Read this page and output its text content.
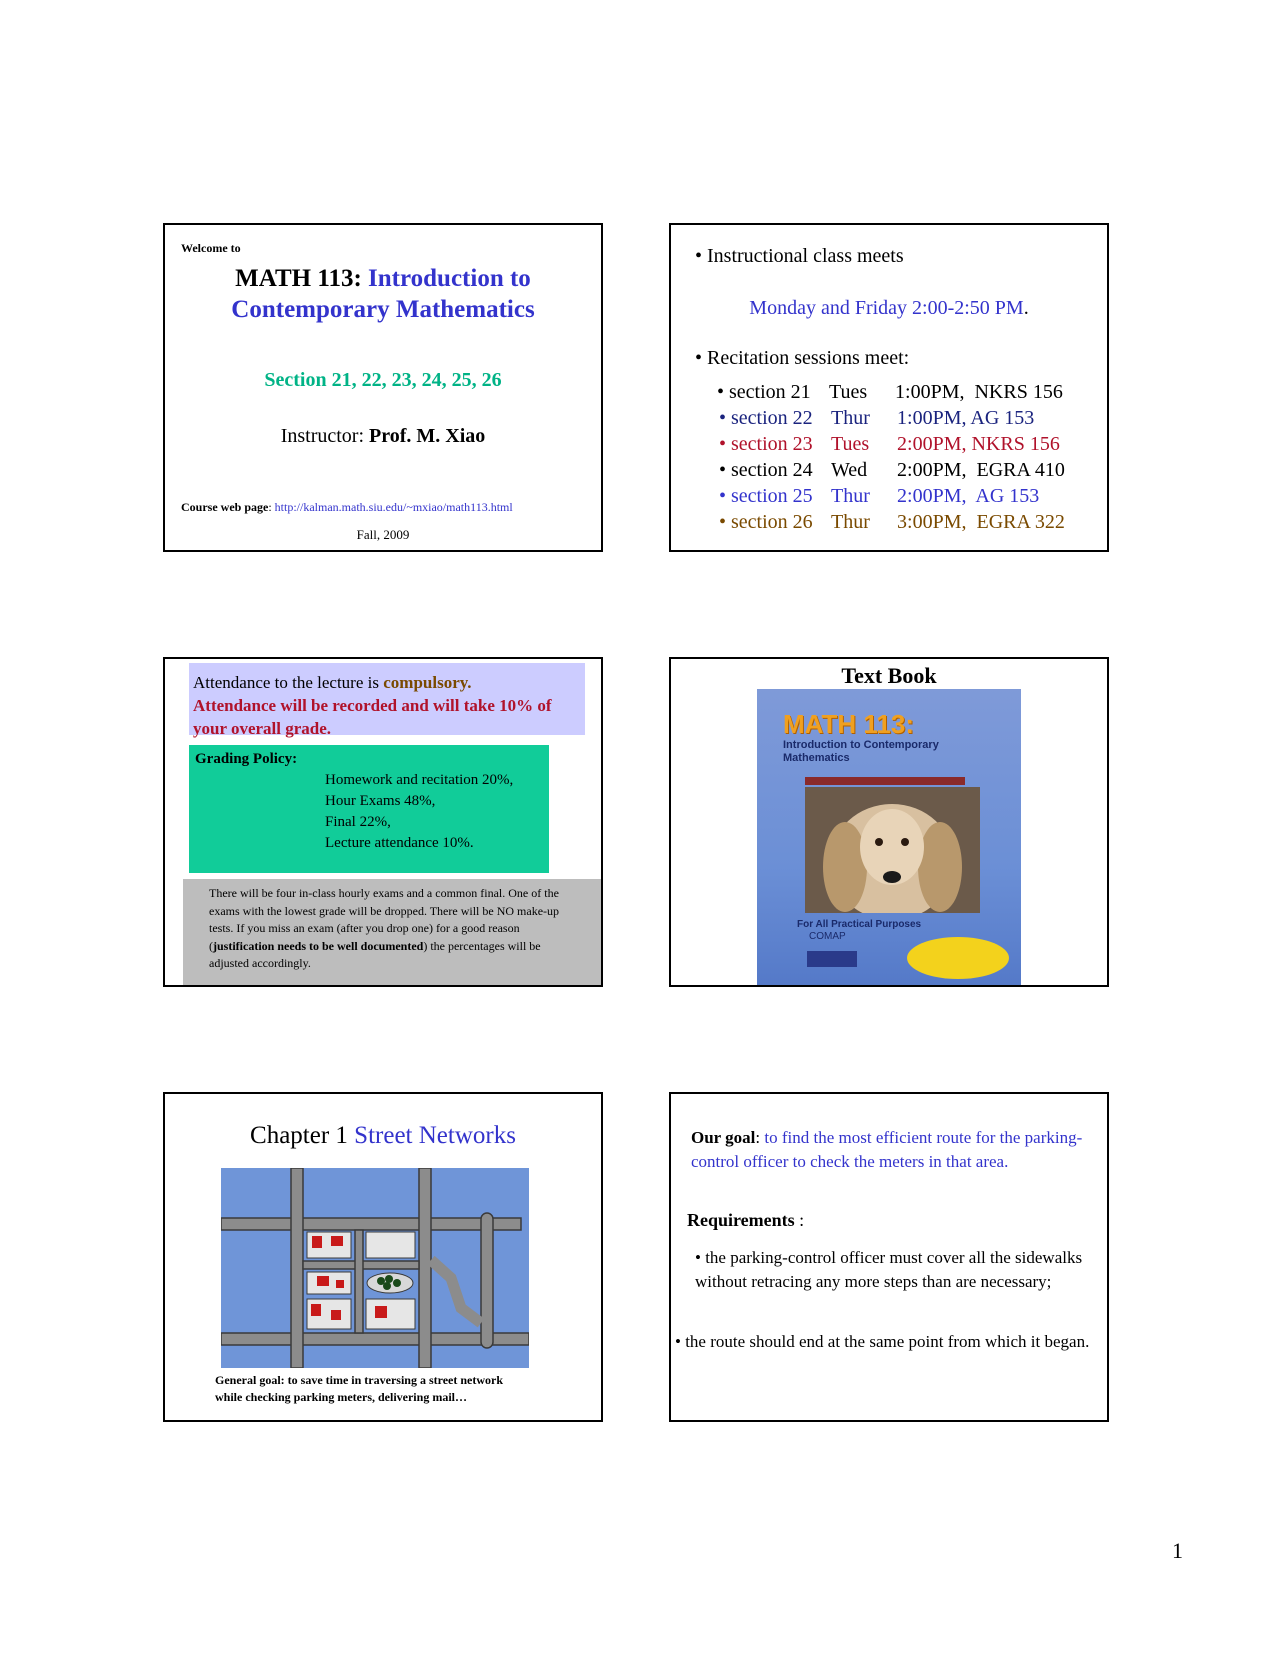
Welcome to
MATH 113: Introduction to
Contemporary Mathematics
Section 21, 22, 23, 24, 25, 26
Instructor: Prof. M. Xiao
Course web page: http://kalman.math.siu.edu/~mxiao/math113.html
Fall, 2009
• Instructional class meets
Monday and Friday 2:00-2:50 PM.
• Recitation sessions meet:
• section 21 Tues 1:00PM,  NKRS 156
• section 22 Thur 1:00PM, AG 153
• section 23 Tues 2:00PM, NKRS 156
• section 24 Wed 2:00PM,  EGRA 410
• section 25 Thur 2:00PM,  AG 153
• section 26 Thur 3:00PM,  EGRA 322
Attendance to the lecture is compulsory.
Attendance will be recorded and will take 10% of your overall grade.
Grading Policy:
Homework and recitation 20%,
Hour Exams 48%,
Final 22%,
Lecture attendance 10%.
There will be four in-class hourly exams and a common final. One of the exams with the lowest grade will be dropped. There will be NO make-up tests. If you miss an exam (after you drop one) for a good reason (justification needs to be well documented) the percentages will be adjusted accordingly.
Text Book
MATH 113:
Introduction to Contemporary
Mathematics
For All Practical Purposes
COMAP
Chapter 1 Street Networks
General goal: to save time in traversing a street network
while checking parking meters, delivering mail…
Our goal: to find the most efficient route for the parking-control officer to check the meters in that area.
Requirements :
• the parking-control officer must cover all the sidewalks without retracing any more steps than are necessary;
• the route should end at the same point from which it began.
1
